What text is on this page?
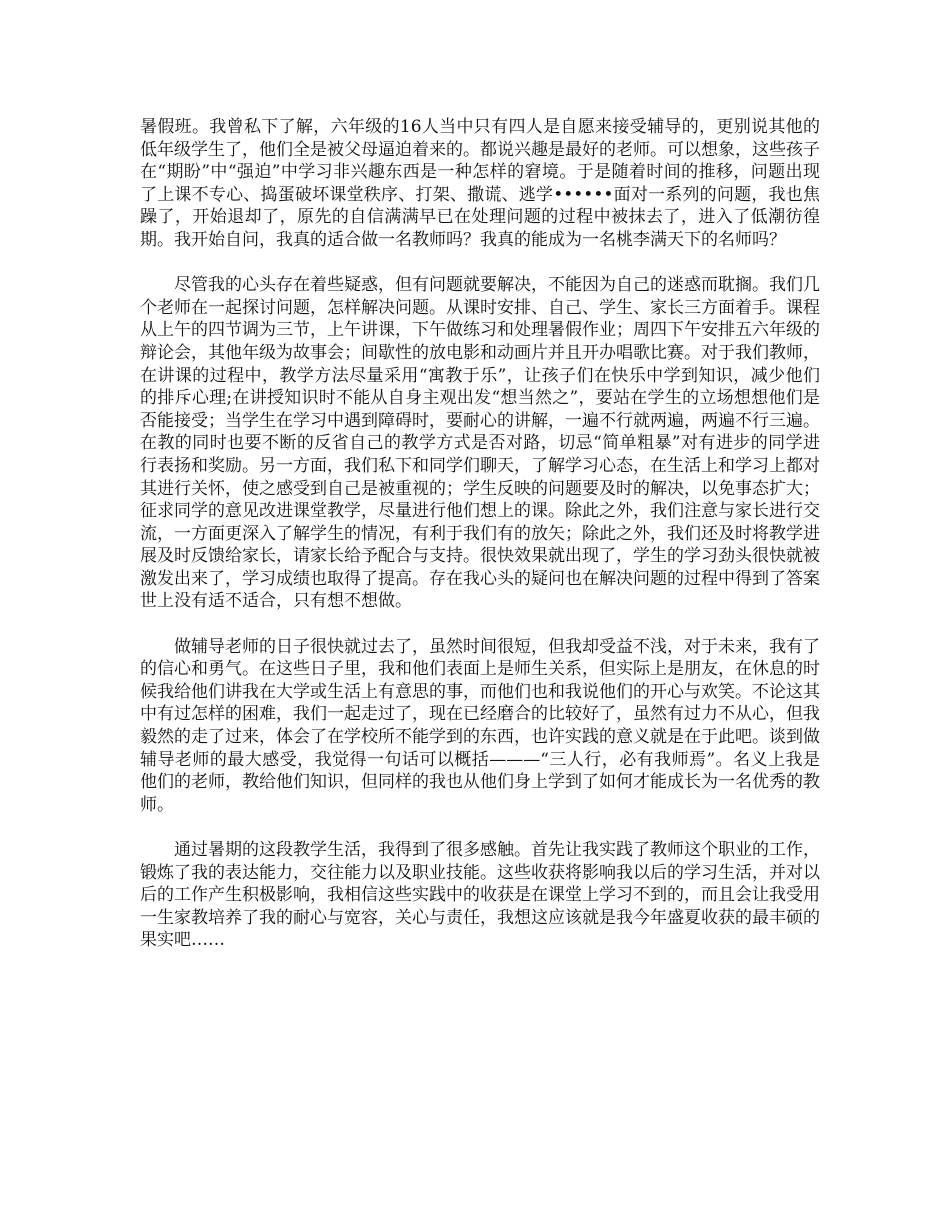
暑假班。我曾私下了解，六年级的16人当中只有四人是自愿来接受辅导的，更别说其他的低年级学生了，他们全是被父母逼迫着来的。都说兴趣是最好的老师。可以想象，这些孩子在“期盼”中“强迫”中学习非兴趣东西是一种怎样的窘境。于是随着时间的推移，问题出现了上课不专心、捣蛋破坏课堂秩序、打架、撒谎、逃学••••••面对一系列的问题，我也焦躁了，开始退却了，原先的自信满满早已在处理问题的过程中被抹去了，进入了低潮彷徨期。我开始自问，我真的适合做一名教师吗？我真的能成为一名桃李满天下的名师吗？

尽管我的心头存在着些疑惑，但有问题就要解决，不能因为自己的迷惑而耽搁。我们几个老师在一起探讨问题，怎样解决问题。从课时安排、自己、学生、家长三方面着手。课程从上午的四节调为三节，上午讲课，下午做练习和处理暑假作业；周四下午安排五六年级的辩论会，其他年级为故事会；间歇性的放电影和动画片并且开办唱歌比赛。对于我们教师，在讲课的过程中，教学方法尽量采用“寓教于乐”，让孩子们在快乐中学到知识，减少他们的排斥心理;在讲授知识时不能从自身主观出发“想当然之”，要站在学生的立场想想他们是否能接受；当学生在学习中遇到障碍时，要耐心的讲解，一遍不行就两遍，两遍不行三遍。在教的同时也要不断的反省自己的教学方式是否对路，切忌“简单粗暴”对有进步的同学进行表扬和奖励。另一方面，我们私下和同学们聊天，了解学习心态，在生活上和学习上都对其进行关怀，使之感受到自己是被重视的；学生反映的问题要及时的解决，以免事态扩大；征求同学的意见改进课堂教学，尽量进行他们想上的课。除此之外，我们注意与家长进行交流，一方面更深入了解学生的情况，有利于我们有的放矢；除此之外，我们还及时将教学进展及时反馈给家长，请家长给予配合与支持。很快效果就出现了，学生的学习劲头很快就被激发出来了，学习成绩也取得了提高。存在我心头的疑问也在解决问题的过程中得到了答案世上没有适不适合，只有想不想做。

做辅导老师的日子很快就过去了，虽然时间很短，但我却受益不浅，对于未来，我有了的信心和勇气。在这些日子里，我和他们表面上是师生关系，但实际上是朋友，在休息的时候我给他们讲我在大学或生活上有意思的事，而他们也和我说他们的开心与欢笑。不论这其中有过怎样的困难，我们一起走过了，现在已经磨合的比较好了，虽然有过力不从心，但我毅然的走了过来，体会了在学校所不能学到的东西，也许实践的意义就是在于此吧。谈到做辅导老师的最大感受，我觉得一句话可以概括———“三人行，必有我师焉”。名义上我是他们的老师，教给他们知识，但同样的我也从他们身上学到了如何才能成长为一名优秀的教师。

通过暑期的这段教学生活，我得到了很多感触。首先让我实践了教师这个职业的工作，锻炼了我的表达能力，交往能力以及职业技能。这些收获将影响我以后的学习生活，并对以后的工作产生积极影响，我相信这些实践中的收获是在课堂上学习不到的，而且会让我受用一生家教培养了我的耐心与宽容，关心与责任，我想这应该就是我今年盛夏收获的最丰硕的果实吧……
